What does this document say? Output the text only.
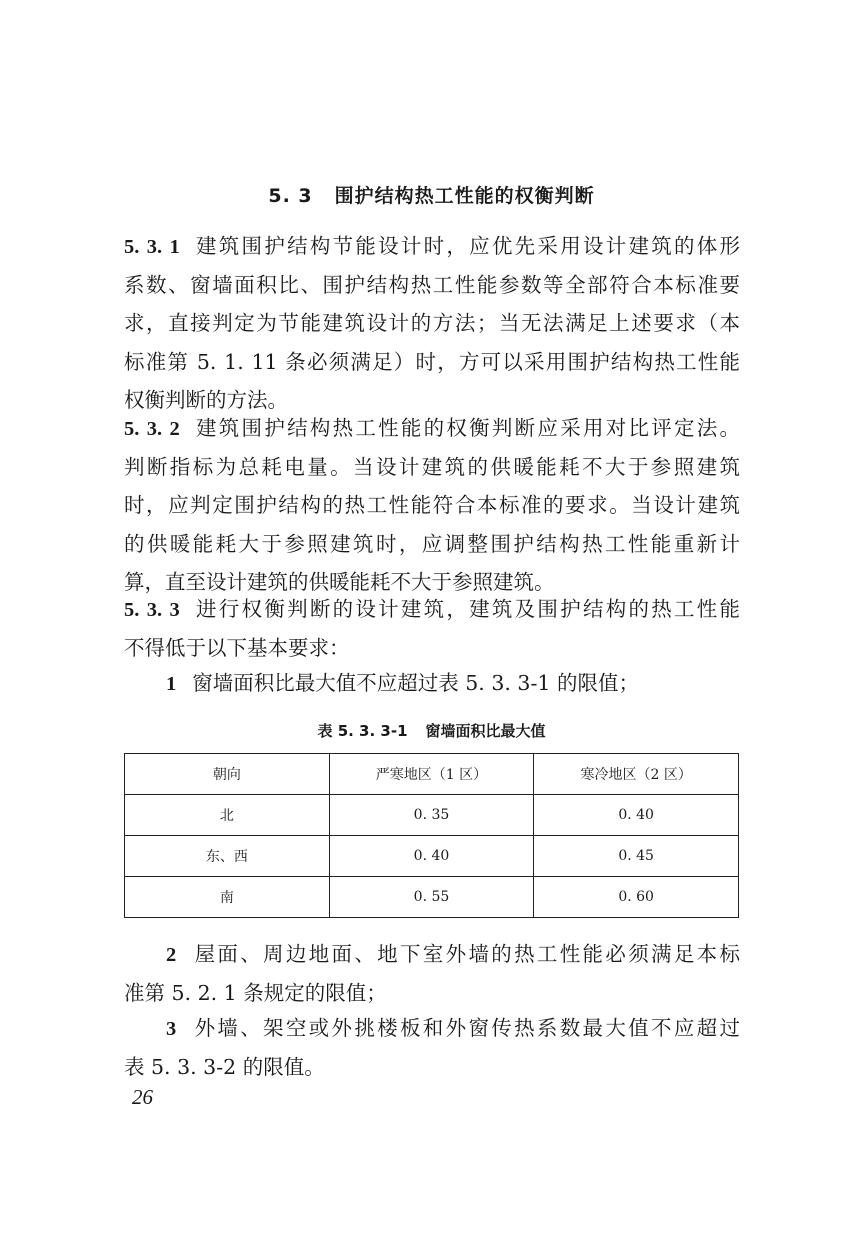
5. 3 围护结构热工性能的权衡判断
5. 3. 1 建筑围护结构节能设计时，应优先采用设计建筑的体形
系数、窗墙面积比、围护结构热工性能参数等全部符合本标准要
求，直接判定为节能建筑设计的方法；当无法满足上述要求（本
标准第 5. 1. 11 条必须满足）时，方可以采用围护结构热工性能
权衡判断的方法。
5. 3. 2 建筑围护结构热工性能的权衡判断应采用对比评定法。
判断指标为总耗电量。当设计建筑的供暖能耗不大于参照建筑
时，应判定围护结构的热工性能符合本标准的要求。当设计建筑
的供暖能耗大于参照建筑时，应调整围护结构热工性能重新计
算，直至设计建筑的供暖能耗不大于参照建筑。
5. 3. 3 进行权衡判断的设计建筑，建筑及围护结构的热工性能
不得低于以下基本要求：
1 窗墙面积比最大值不应超过表 5. 3. 3-1 的限值；
表 5. 3. 3-1 窗墙面积比最大值
朝向	严寒地区（1 区）	寒冷地区（2 区）
北	0. 35	0. 40
东、西	0. 40	0. 45
南	0. 55	0. 60
2 屋面、周边地面、地下室外墙的热工性能必须满足本标
准第 5. 2. 1 条规定的限值；
3 外墙、架空或外挑楼板和外窗传热系数最大值不应超过
表 5. 3. 3-2 的限值。
26
